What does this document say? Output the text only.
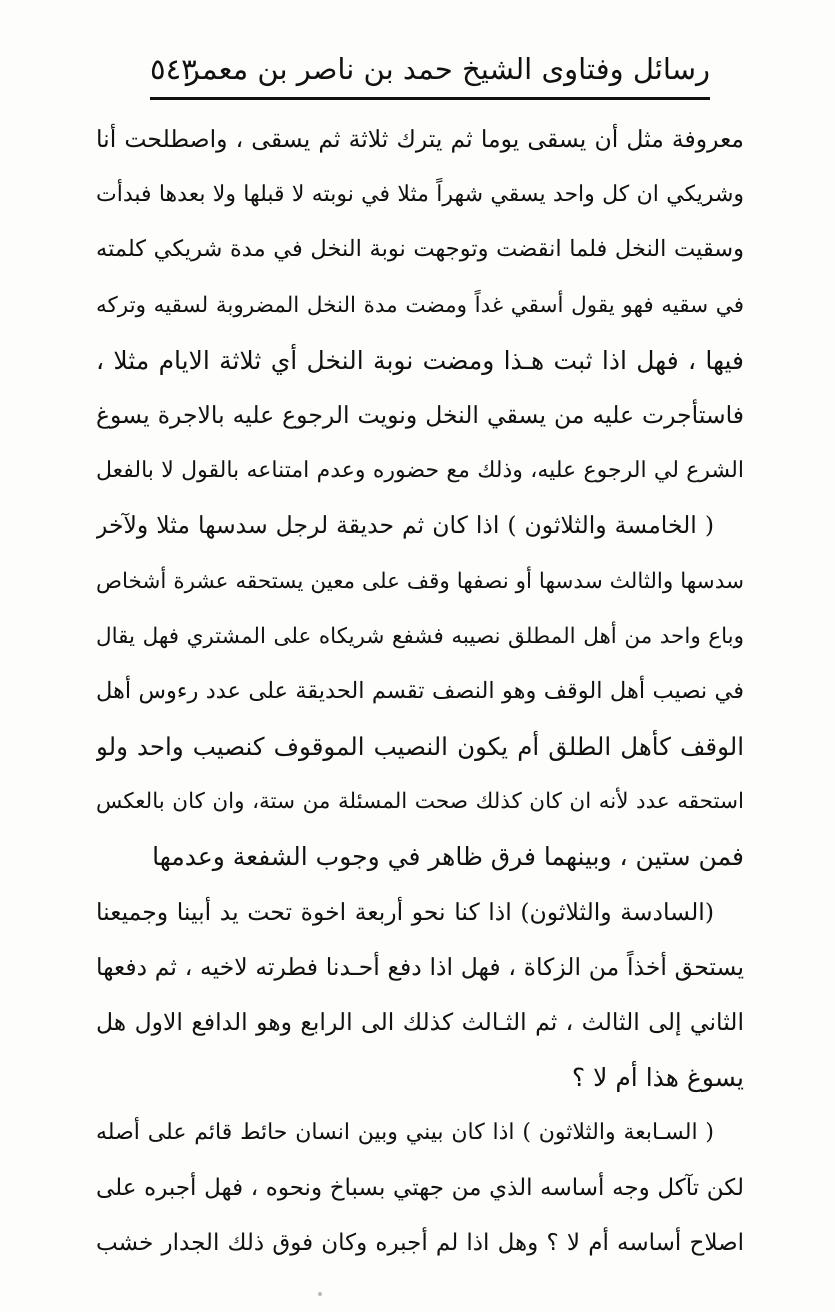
رسائل وفتاوى الشيخ حمد بن ناصر بن معمر
٥٤٣
معروفة مثل أن يسقى يوما ثم يترك ثلاثة ثم يسقى ، واصطلحت أنا
وشريكي ان كل واحد يسقي شهراً مثلا في نوبته لا قبلها ولا بعدها فبدأت
وسقيت النخل فلما انقضت وتوجهت نوبة النخل في مدة شريكي كلمته
في سقيه فهو يقول أسقي غداً ومضت مدة النخل المضروبة لسقيه وتركه
فيها ، فهل اذا ثبت هـذا ومضت نوبة النخل أي ثلاثة الايام مثلا ،
فاستأجرت عليه من يسقي النخل ونويت الرجوع عليه بالاجرة يسوغ
الشرع لي الرجوع عليه، وذلك مع حضوره وعدم امتناعه بالقول لا بالفعل
( الخامسة والثلاثون ) اذا كان ثم حديقة لرجل سدسها مثلا ولآخر
سدسها والثالث سدسها أو نصفها وقف على معين يستحقه عشرة أشخاص
وباع واحد من أهل المطلق نصيبه فشفع شريكاه على المشتري فهل يقال
في نصيب أهل الوقف وهو النصف تقسم الحديقة على عدد رءوس أهل
الوقف كأهل الطلق أم يكون النصيب الموقوف كنصيب واحد ولو
استحقه عدد لأنه ان كان كذلك صحت المسئلة من ستة، وان كان بالعكس
فمن ستين ، وبينهما فرق ظاهر في وجوب الشفعة وعدمها
(السادسة والثلاثون) اذا كنا نحو أربعة اخوة تحت يد أبينا وجميعنا
يستحق أخذاً من الزكاة ، فهل اذا دفع أحـدنا فطرته لاخيه ، ثم دفعها
الثاني إلى الثالث ، ثم الثـالث كذلك الى الرابع وهو الدافع الاول هل
يسوغ هذا أم لا ؟
( السـابعة والثلاثون ) اذا كان بيني وبين انسان حائط قائم على أصله
لكن تآكل وجه أساسه الذي من جهتي بسباخ ونحوه ، فهل أجبره على
اصلاح أساسه أم لا ؟ وهل اذا لم أجبره وكان فوق ذلك الجدار خشب
